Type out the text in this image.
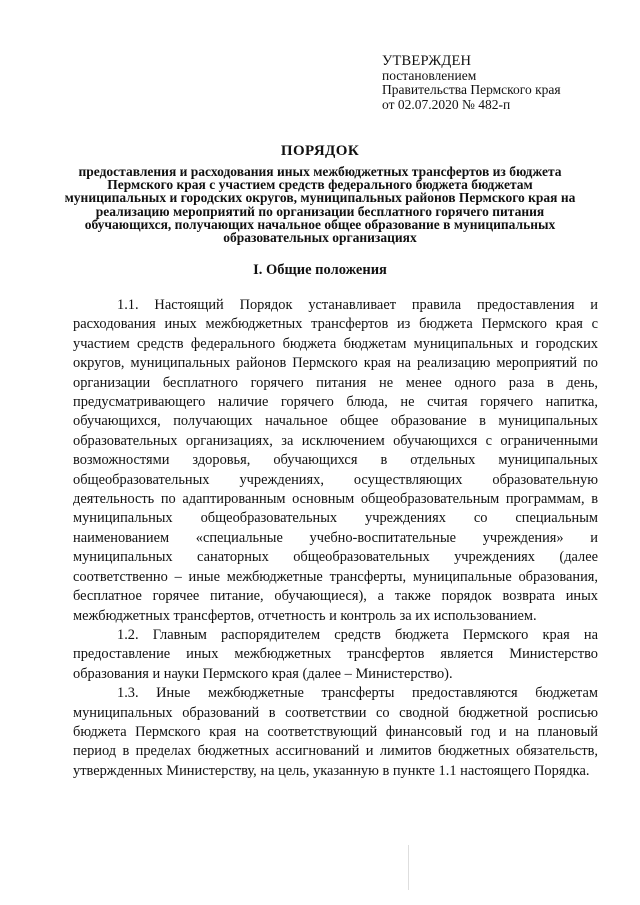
УТВЕРЖДЕН
постановлением
Правительства Пермского края
от 02.07.2020 № 482-п
ПОРЯДОК
предоставления и расходования иных межбюджетных трансфертов из бюджета Пермского края с участием средств федерального бюджета бюджетам муниципальных и городских округов, муниципальных районов Пермского края на реализацию мероприятий по организации бесплатного горячего питания обучающихся, получающих начальное общее образование в муниципальных образовательных организациях
I. Общие положения

1.1. Настоящий Порядок устанавливает правила предоставления и расходования иных межбюджетных трансфертов из бюджета Пермского края с участием средств федерального бюджета бюджетам муниципальных и городских округов, муниципальных районов Пермского края на реализацию мероприятий по организации бесплатного горячего питания не менее одного раза в день, предусматривающего наличие горячего блюда, не считая горячего напитка, обучающихся, получающих начальное общее образование в муниципальных образовательных организациях, за исключением обучающихся с ограниченными возможностями здоровья, обучающихся в отдельных муниципальных общеобразовательных учреждениях, осуществляющих образовательную деятельность по адаптированным основным общеобразовательным программам, в муниципальных общеобразовательных учреждениях со специальным наименованием «специальные учебно-воспитательные учреждения» и муниципальных санаторных общеобразовательных учреждениях (далее соответственно – иные межбюджетные трансферты, муниципальные образования, бесплатное горячее питание, обучающиеся), а также порядок возврата иных межбюджетных трансфертов, отчетность и контроль за их использованием.

1.2. Главным распорядителем средств бюджета Пермского края на предоставление иных межбюджетных трансфертов является Министерство образования и науки Пермского края (далее – Министерство).

1.3. Иные межбюджетные трансферты предоставляются бюджетам муниципальных образований в соответствии со сводной бюджетной росписью бюджета Пермского края на соответствующий финансовый год и на плановый период в пределах бюджетных ассигнований и лимитов бюджетных обязательств, утвержденных Министерству, на цель, указанную в пункте 1.1 настоящего Порядка.
